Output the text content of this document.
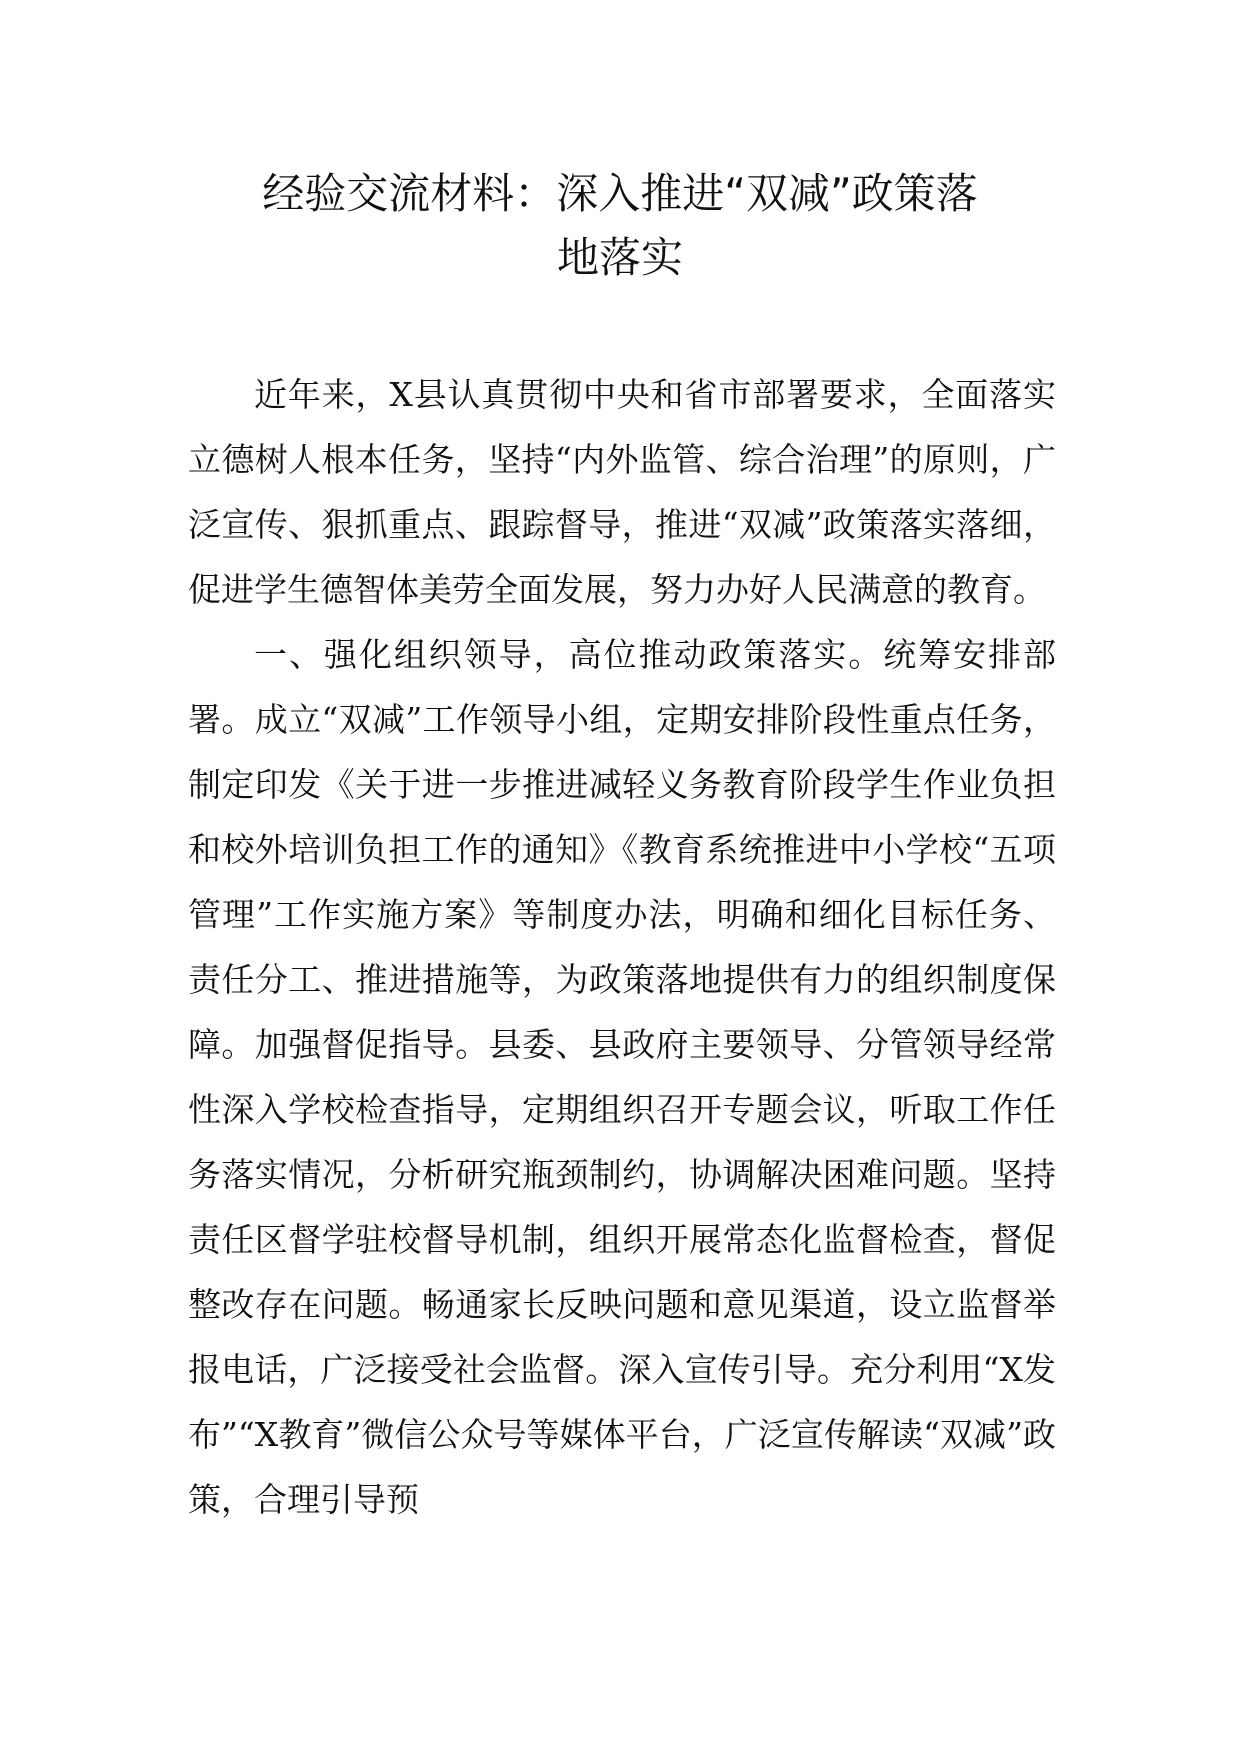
经验交流材料：深入推进“双减”政策落
地落实

近年来，X县认真贯彻中央和省市部署要求，全面落实立德树人根本任务，坚持“内外监管、综合治理”的原则，广泛宣传、狠抓重点、跟踪督导，推进“双减”政策落实落细，促进学生德智体美劳全面发展，努力办好人民满意的教育。

一、强化组织领导，高位推动政策落实。统筹安排部署。成立“双减”工作领导小组，定期安排阶段性重点任务，制定印发《关于进一步推进减轻义务教育阶段学生作业负担和校外培训负担工作的通知》《教育系统推进中小学校“五项管理”工作实施方案》等制度办法，明确和细化目标任务、责任分工、推进措施等，为政策落地提供有力的组织制度保障。加强督促指导。县委、县政府主要领导、分管领导经常性深入学校检查指导，定期组织召开专题会议，听取工作任务落实情况，分析研究瓶颈制约，协调解决困难问题。坚持责任区督学驻校督导机制，组织开展常态化监督检查，督促整改存在问题。畅通家长反映问题和意见渠道，设立监督举报电话，广泛接受社会监督。深入宣传引导。充分利用“X发布”“X教育”微信公众号等媒体平台，广泛宣传解读“双减”政策，合理引导预
